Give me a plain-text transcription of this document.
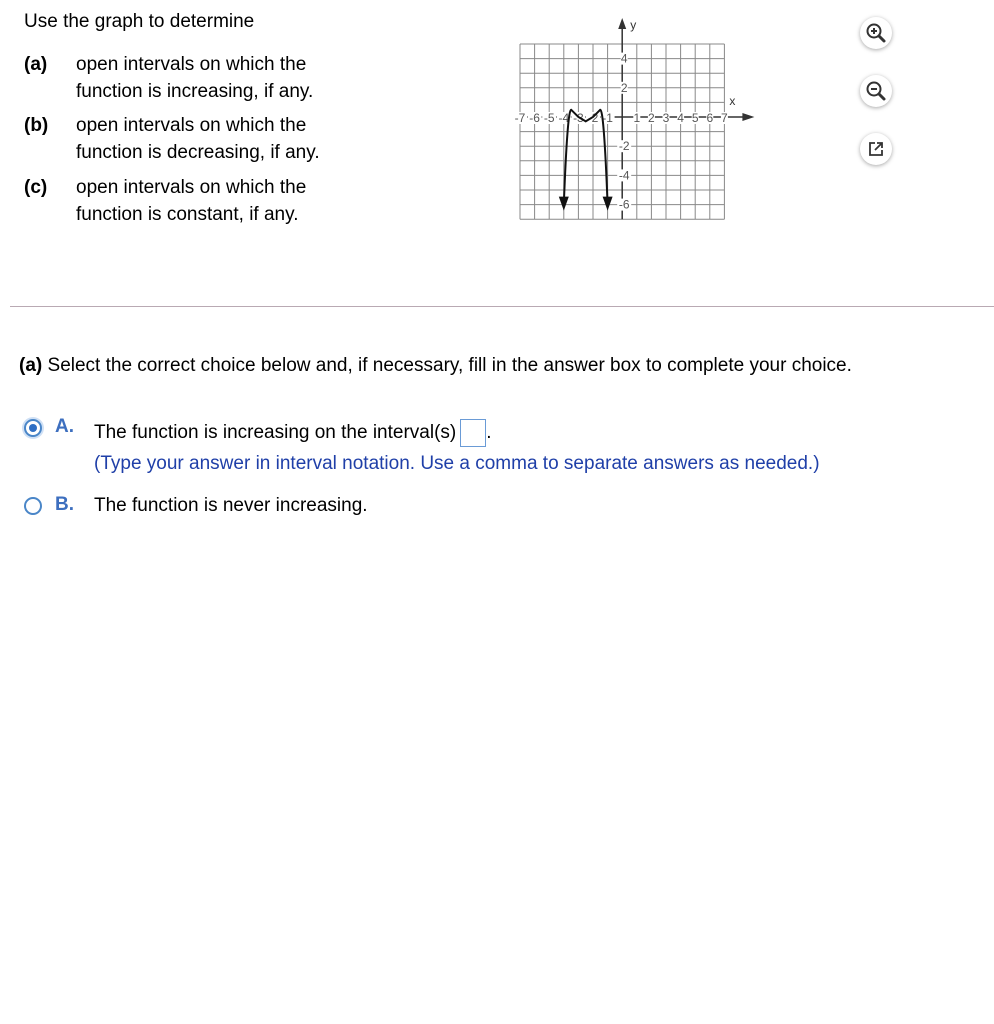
Use the graph to determine
(a) open intervals on which the function is increasing, if any.
(b) open intervals on which the function is decreasing, if any.
(c) open intervals on which the function is constant, if any.
x
y
-7 -6 -5 -4 -3 -2 -1 1 2 3 4 5 6 7
4
2
-2
-4
-6
(a) Select the correct choice below and, if necessary, fill in the answer box to complete your choice.
A. The function is increasing on the interval(s) .
(Type your answer in interval notation. Use a comma to separate answers as needed.)
B. The function is never increasing.
